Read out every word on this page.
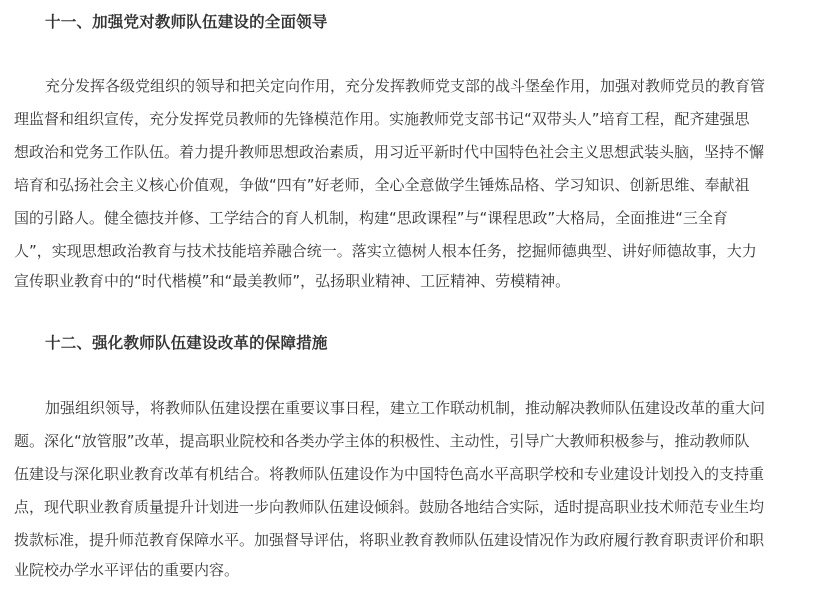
十一、加强党对教师队伍建设的全面领导

充分发挥各级党组织的领导和把关定向作用，充分发挥教师党支部的战斗堡垒作用，加强对教师党员的教育管

理监督和组织宣传，充分发挥党员教师的先锋模范作用。实施教师党支部书记“双带头人”培育工程，配齐建强思

想政治和党务工作队伍。着力提升教师思想政治素质，用习近平新时代中国特色社会主义思想武装头脑，坚持不懈

培育和弘扬社会主义核心价值观，争做“四有”好老师，全心全意做学生锤炼品格、学习知识、创新思维、奉献祖

国的引路人。健全德技并修、工学结合的育人机制，构建“思政课程”与“课程思政”大格局，全面推进“三全育

人”，实现思想政治教育与技术技能培养融合统一。落实立德树人根本任务，挖掘师德典型、讲好师德故事，大力

宣传职业教育中的“时代楷模”和“最美教师”，弘扬职业精神、工匠精神、劳模精神。

十二、强化教师队伍建设改革的保障措施

加强组织领导，将教师队伍建设摆在重要议事日程，建立工作联动机制，推动解决教师队伍建设改革的重大问

题。深化“放管服”改革，提高职业院校和各类办学主体的积极性、主动性，引导广大教师积极参与，推动教师队

伍建设与深化职业教育改革有机结合。将教师队伍建设作为中国特色高水平高职学校和专业建设计划投入的支持重

点，现代职业教育质量提升计划进一步向教师队伍建设倾斜。鼓励各地结合实际，适时提高职业技术师范专业生均

拨款标准，提升师范教育保障水平。加强督导评估，将职业教育教师队伍建设情况作为政府履行教育职责评价和职

业院校办学水平评估的重要内容。
